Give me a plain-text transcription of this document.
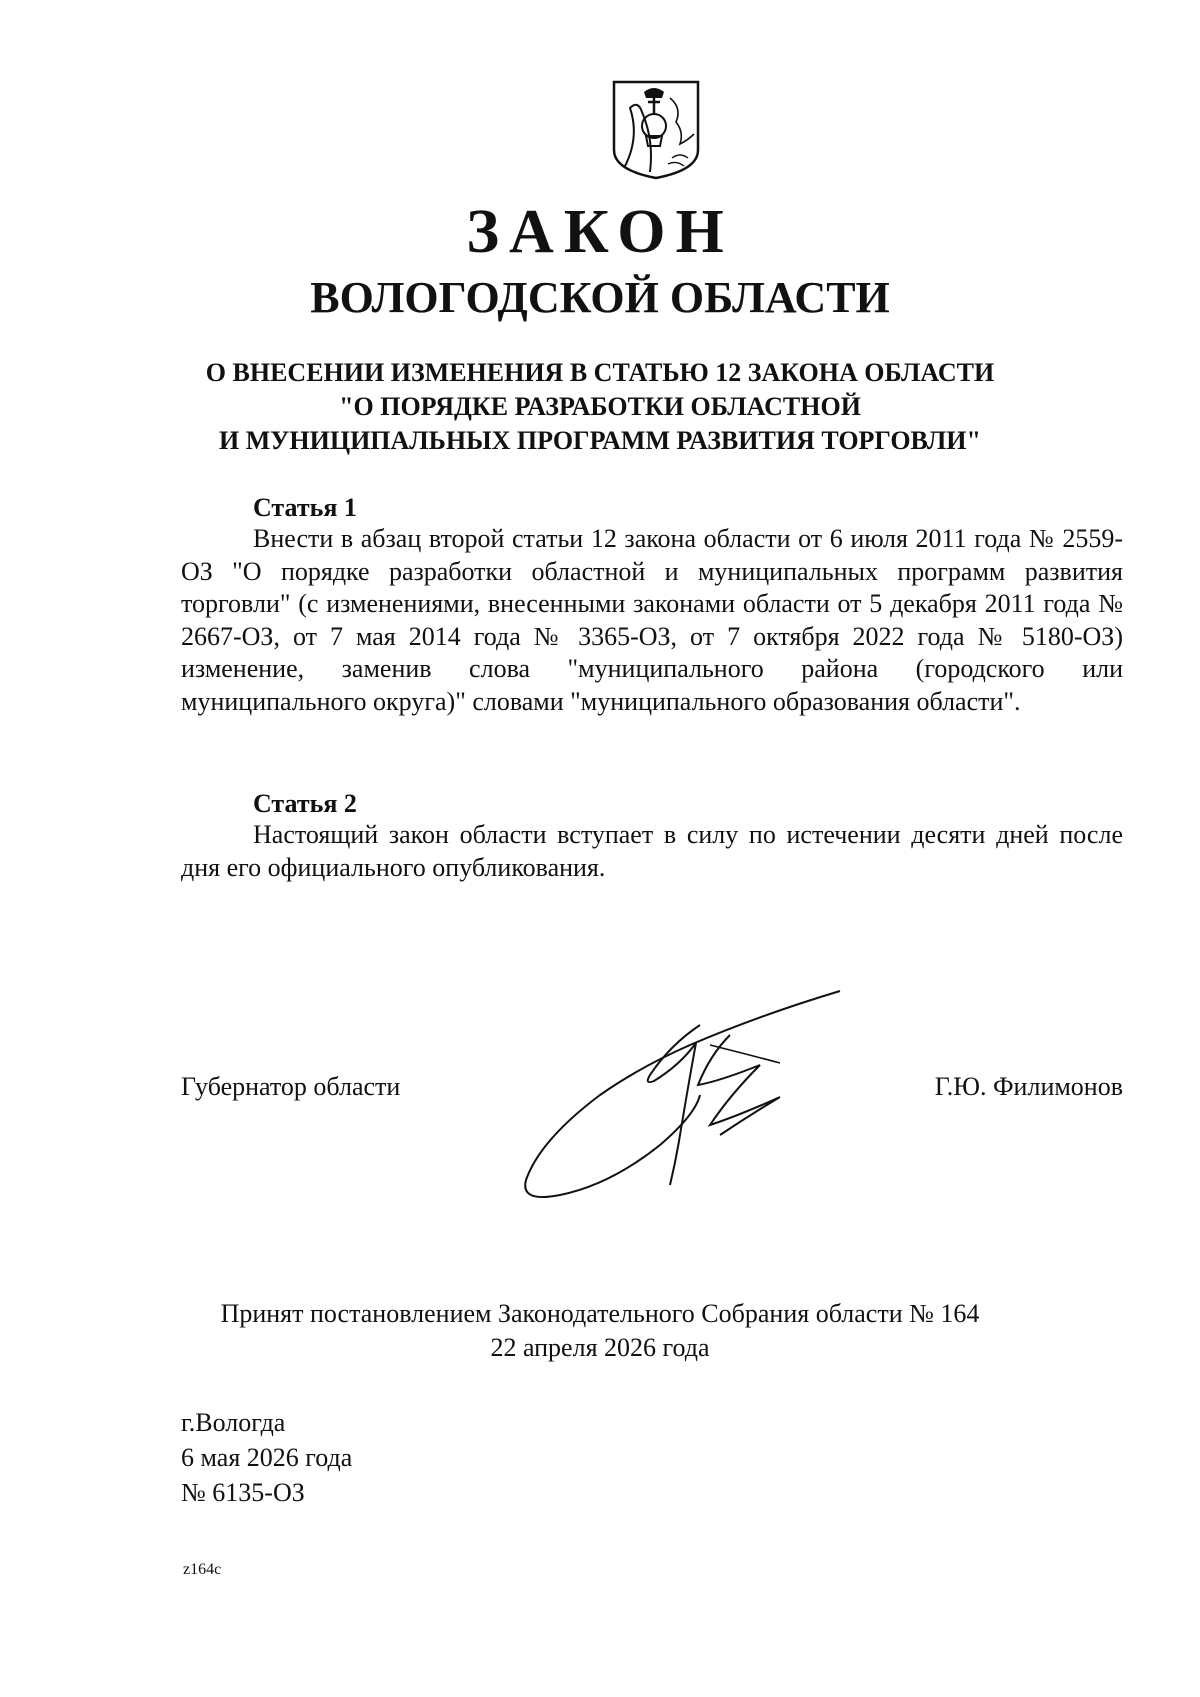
ЗАКОН
ВОЛОГОДСКОЙ ОБЛАСТИ
О ВНЕСЕНИИ ИЗМЕНЕНИЯ В СТАТЬЮ 12 ЗАКОНА ОБЛАСТИ
"О ПОРЯДКЕ РАЗРАБОТКИ ОБЛАСТНОЙ
И МУНИЦИПАЛЬНЫХ ПРОГРАММ РАЗВИТИЯ ТОРГОВЛИ"
Статья 1
Внести в абзац второй статьи 12 закона области от 6 июля 2011 года № 2559-ОЗ "О порядке разработки областной и муниципальных программ развития торговли" (с изменениями, внесенными законами области от 5 декабря 2011 года № 2667-ОЗ, от 7 мая 2014 года № 3365-ОЗ, от 7 октября 2022 года № 5180-ОЗ) изменение, заменив слова "муниципального района (городского или муниципального округа)" словами "муниципального образования области".
Статья 2
Настоящий закон области вступает в силу по истечении десяти дней после дня его официального опубликования.
Губернатор области	Г.Ю. Филимонов
Принят постановлением Законодательного Собрания области № 164
22 апреля 2026 года
г.Вологда
6 мая 2026 года
№ 6135-ОЗ
z164c
